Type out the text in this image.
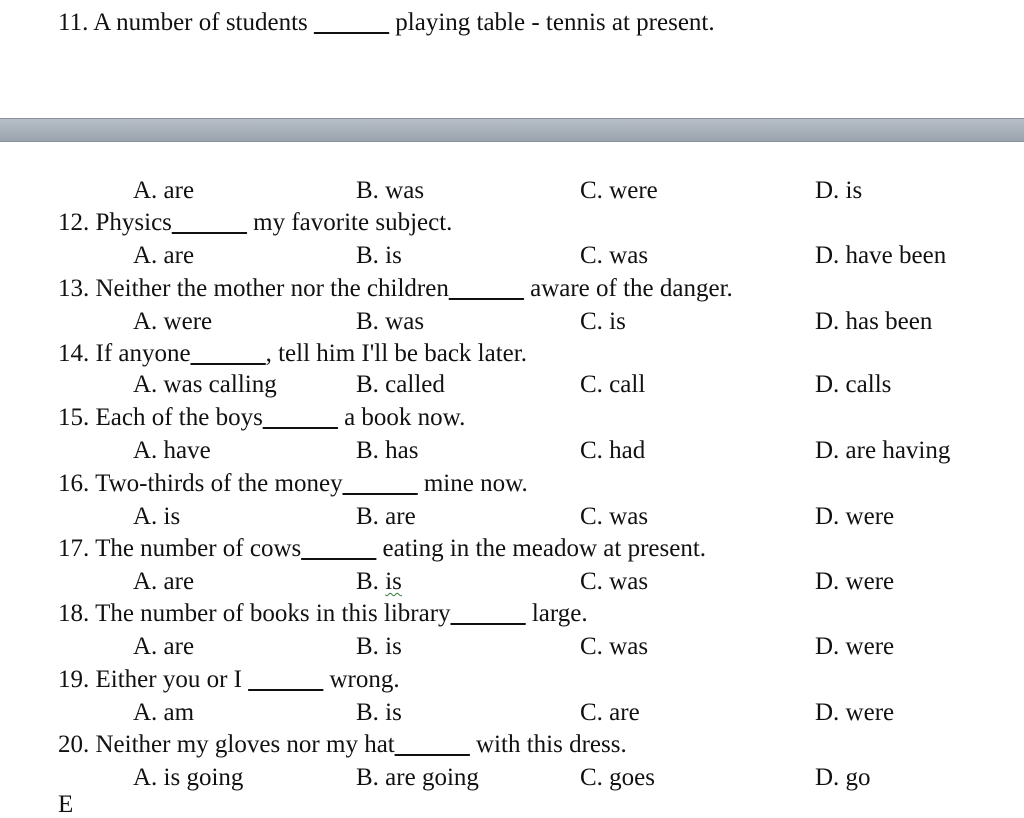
11. A number of students ______ playing table - tennis at present.
A. are	B. was	C. were	D. is
12. Physics______ my favorite subject.
A. are	B. is	C. was	D. have been
13. Neither the mother nor the children______ aware of the danger.
A. were	B. was	C. is	D. has been
14. If anyone______, tell him I'll be back later.
A. was calling	B. called	C. call	D. calls
15. Each of the boys______ a book now.
A. have	B. has	C. had	D. are having
16. Two-thirds of the money______ mine now.
A. is	B. are	C. was	D. were
17. The number of cows______ eating in the meadow at present.
A. are	B. is	C. was	D. were
18. The number of books in this library______ large.
A. are	B. is	C. was	D. were
19. Either you or I ______ wrong.
A. am	B. is	C. are	D. were
20. Neither my gloves nor my hat______ with this dress.
A. is going	B. are going	C. goes	D. go
E
